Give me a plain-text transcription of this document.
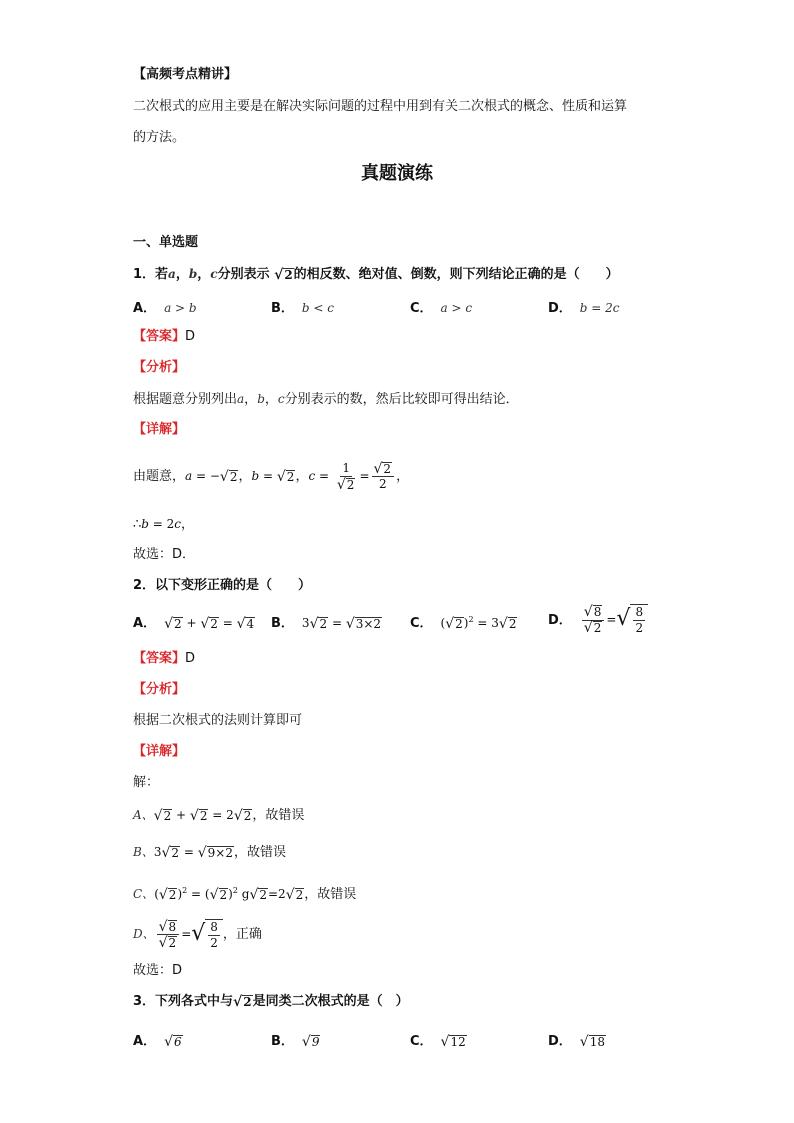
【高频考点精讲】
二次根式的应用主要是在解决实际问题的过程中用到有关二次根式的概念、性质和运算
的方法。
真题演练
一、单选题
1．若a，b，c分别表示 √ 2 的相反数、绝对值、倒数，则下列结论正确的是（　　）
A． a > b	B． b < c	C． a > c	D． b = 2c
【答案】D
【分析】
根据题意分别列出a，b，c分别表示的数，然后比较即可得出结论．
【详解】
由题意，a = − √ 2 ，b = √ 2 ，$c = \frac{1}{√ 2} = \frac{√ 2}{2}$ ，
∴b = 2c，
故选：D．
2．以下变形正确的是（　　）
A． √ 2 + √ 2 = √ 4 B． 3 √ 2 = √ 3×2 C． ( √ 2 )$^2$ = 3 √ 2 D． $\frac{√ 8}{√ 2}$ = √ $\frac{8}{2}$
【答案】D
【分析】
根据二次根式的法则计算即可
【详解】
解：
A、 √ 2 + √ 2 = 2 √ 2 ，故错误
B、3 √ 2 = √ 9×2 ，故错误
C、( √ 2 )$^2$ = ( √ 2 )$^2$ g √ 2 =2 √ 2 ，故错误
D、 $\frac{√ 8}{√ 2}$ = √ $\frac{8}{2}$ ，正确
故选：D
3．下列各式中与 √ 2 是同类二次根式的是（　）
A． √ 6	B． √ 9	C． √ 12	D． √ 18
